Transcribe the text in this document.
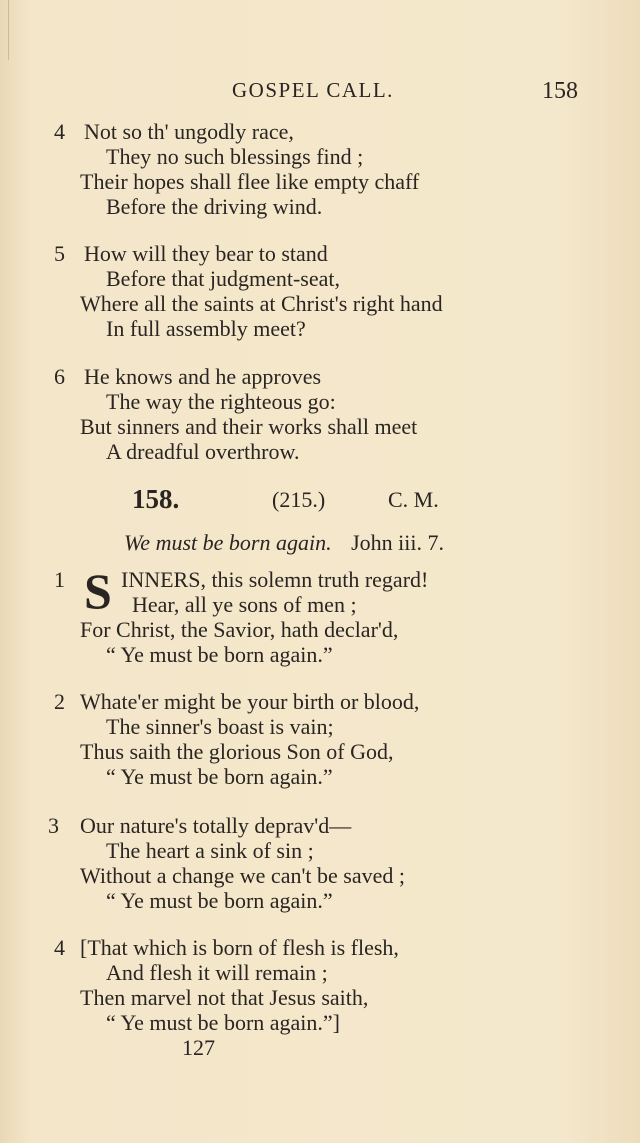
GOSPEL CALL.	158
4 Not so th' ungodly race,
They no such blessings find ;
Their hopes shall flee like empty chaff
Before the driving wind.
5 How will they bear to stand
Before that judgment-seat,
Where all the saints at Christ's right hand
In full assembly meet?
6 He knows and he approves
The way the righteous go:
But sinners and their works shall meet
A dreadful overthrow.
158.	(215.)	C. M.
We must be born again. John iii. 7.
1 S INNERS, this solemn truth regard!
Hear, all ye sons of men ;
For Christ, the Savior, hath declar'd,
“ Ye must be born again.”
2 Whate'er might be your birth or blood,
The sinner's boast is vain;
Thus saith the glorious Son of God,
“ Ye must be born again.”
3 Our nature's totally deprav'd—
The heart a sink of sin ;
Without a change we can't be saved ;
“ Ye must be born again.”
4 [That which is born of flesh is flesh,
And flesh it will remain ;
Then marvel not that Jesus saith,
“ Ye must be born again.”]
127
